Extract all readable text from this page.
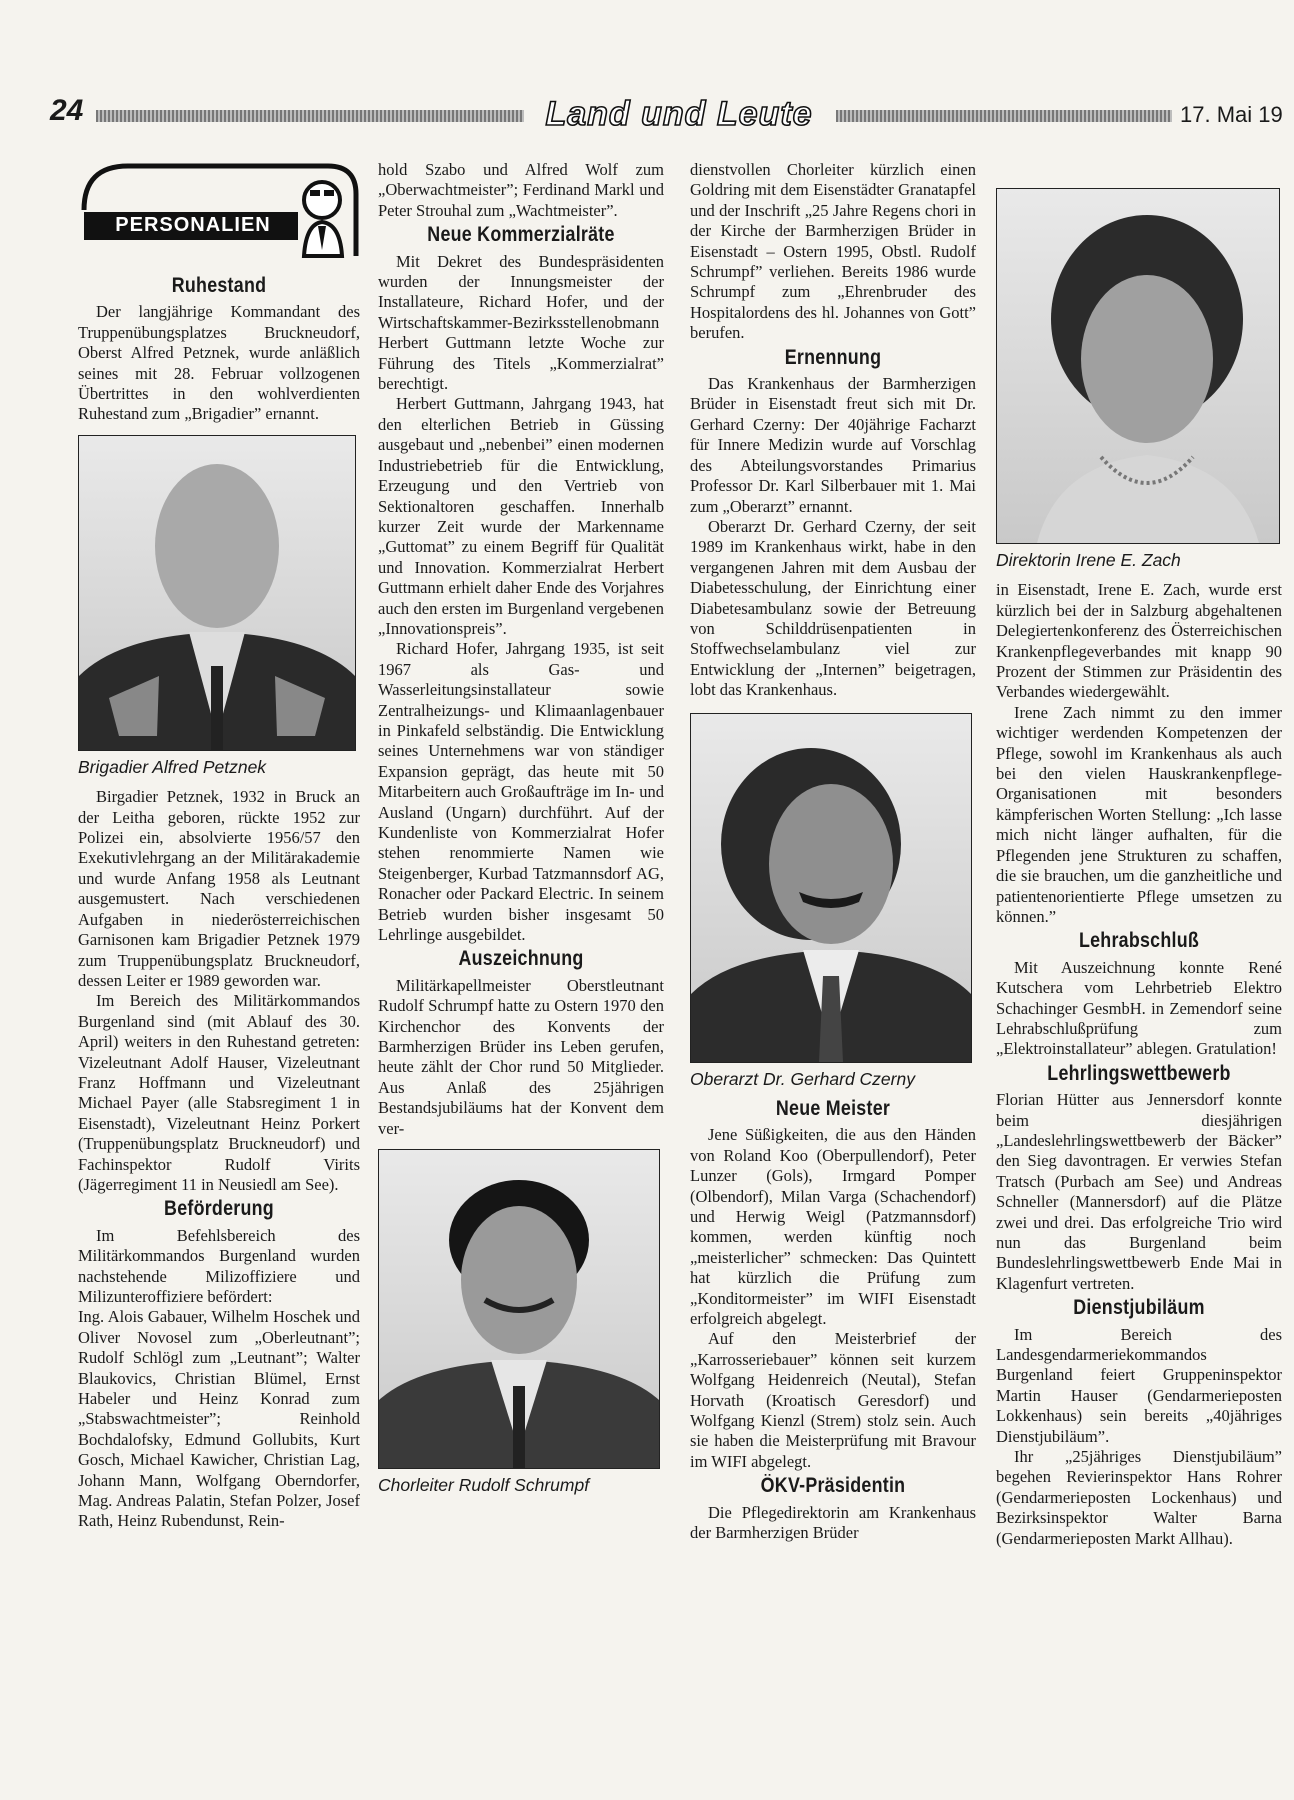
24	Land und Leute	17. Mai 19
PERSONALIEN
Ruhestand

Der langjährige Kommandant des Truppenübungsplatzes Bruckneudorf, Oberst Alfred Petznek, wurde anläßlich seines mit 28. Februar vollzogenen Übertrittes in den wohlverdienten Ruhestand zum „Brigadier” ernannt.

Brigadier Alfred Petznek

Birgadier Petznek, 1932 in Bruck an der Leitha geboren, rückte 1952 zur Polizei ein, absolvierte 1956/57 den Exekutivlehrgang an der Militärakademie und wurde Anfang 1958 als Leutnant ausgemustert. Nach verschiedenen Aufgaben in niederösterreichischen Garnisonen kam Brigadier Petznek 1979 zum Truppenübungsplatz Bruckneudorf, dessen Leiter er 1989 geworden war.

Im Bereich des Militärkommandos Burgenland sind (mit Ablauf des 30. April) weiters in den Ruhestand getreten: Vizeleutnant Adolf Hauser, Vizeleutnant Franz Hoffmann und Vizeleutnant Michael Payer (alle Stabsregiment 1 in Eisenstadt), Vizeleutnant Heinz Porkert (Truppenübungsplatz Bruckneudorf) und Fachinspektor Rudolf Virits (Jägerregiment 11 in Neusiedl am See).

Beförderung

Im Befehlsbereich des Militärkommandos Burgenland wurden nachstehende Milizoffiziere und Milizunteroffiziere befördert:

Ing. Alois Gabauer, Wilhelm Hoschek und Oliver Novosel zum „Oberleutnant”; Rudolf Schlögl zum „Leutnant”; Walter Blaukovics, Christian Blümel, Ernst Habeler und Heinz Konrad zum „Stabswachtmeister”; Reinhold Bochdalofsky, Edmund Gollubits, Kurt Gosch, Michael Kawicher, Christian Lag, Johann Mann, Wolfgang Oberndorfer, Mag. Andreas Palatin, Stefan Polzer, Josef Rath, Heinz Rubendunst, Rein-

hold Szabo und Alfred Wolf zum „Oberwachtmeister”; Ferdinand Markl und Peter Strouhal zum „Wachtmeister”.

Neue Kommerzialräte

Mit Dekret des Bundespräsidenten wurden der Innungsmeister der Installateure, Richard Hofer, und der Wirtschaftskammer-Bezirksstellenobmann Herbert Guttmann letzte Woche zur Führung des Titels „Kommerzialrat” berechtigt.

Herbert Guttmann, Jahrgang 1943, hat den elterlichen Betrieb in Güssing ausgebaut und „nebenbei” einen modernen Industriebetrieb für die Entwicklung, Erzeugung und den Vertrieb von Sektionaltoren geschaffen. Innerhalb kurzer Zeit wurde der Markenname „Guttomat” zu einem Begriff für Qualität und Innovation. Kommerzialrat Herbert Guttmann erhielt daher Ende des Vorjahres auch den ersten im Burgenland vergebenen „Innovationspreis”.

Richard Hofer, Jahrgang 1935, ist seit 1967 als Gas- und Wasserleitungsinstallateur sowie Zentralheizungs- und Klimaanlagenbauer in Pinkafeld selbständig. Die Entwicklung seines Unternehmens war von ständiger Expansion geprägt, das heute mit 50 Mitarbeitern auch Großaufträge im In- und Ausland (Ungarn) durchführt. Auf der Kundenliste von Kommerzialrat Hofer stehen renommierte Namen wie Steigenberger, Kurbad Tatzmannsdorf AG, Ronacher oder Packard Electric. In seinem Betrieb wurden bisher insgesamt 50 Lehrlinge ausgebildet.

Auszeichnung

Militärkapellmeister Oberstleutnant Rudolf Schrumpf hatte zu Ostern 1970 den Kirchenchor des Konvents der Barmherzigen Brüder ins Leben gerufen, heute zählt der Chor rund 50 Mitglieder. Aus Anlaß des 25jährigen Bestandsjubiläums hat der Konvent dem ver-

Chorleiter Rudolf Schrumpf

dienstvollen Chorleiter kürzlich einen Goldring mit dem Eisenstädter Granatapfel und der Inschrift „25 Jahre Regens chori in der Kirche der Barmherzigen Brüder in Eisenstadt – Ostern 1995, Obstl. Rudolf Schrumpf” verliehen. Bereits 1986 wurde Schrumpf zum „Ehrenbruder des Hospitalordens des hl. Johannes von Gott” berufen.

Ernennung

Das Krankenhaus der Barmherzigen Brüder in Eisenstadt freut sich mit Dr. Gerhard Czerny: Der 40jährige Facharzt für Innere Medizin wurde auf Vorschlag des Abteilungsvorstandes Primarius Professor Dr. Karl Silberbauer mit 1. Mai zum „Oberarzt” ernannt.

Oberarzt Dr. Gerhard Czerny, der seit 1989 im Krankenhaus wirkt, habe in den vergangenen Jahren mit dem Ausbau der Diabetesschulung, der Einrichtung einer Diabetesambulanz sowie der Betreuung von Schilddrüsenpatienten in Stoffwechselambulanz viel zur Entwicklung der „Internen” beigetragen, lobt das Krankenhaus.

Oberarzt Dr. Gerhard Czerny
Neue Meister

Jene Süßigkeiten, die aus den Händen von Roland Koo (Oberpullendorf), Peter Lunzer (Gols), Irmgard Pomper (Olbendorf), Milan Varga (Schachendorf) und Herwig Weigl (Patzmannsdorf) kommen, werden künftig noch „meisterlicher” schmecken: Das Quintett hat kürzlich die Prüfung zum „Konditormeister” im WIFI Eisenstadt erfolgreich abgelegt.

Auf den Meisterbrief der „Karrosseriebauer” können seit kurzem Wolfgang Heidenreich (Neutal), Stefan Horvath (Kroatisch Geresdorf) und Wolfgang Kienzl (Strem) stolz sein. Auch sie haben die Meisterprüfung mit Bravour im WIFI abgelegt.

ÖKV-Präsidentin

Die Pflegedirektorin am Krankenhaus der Barmherzigen Brüder

Direktorin Irene E. Zach

in Eisenstadt, Irene E. Zach, wurde erst kürzlich bei der in Salzburg abgehaltenen Delegiertenkonferenz des Österreichischen Krankenpflegeverbandes mit knapp 90 Prozent der Stimmen zur Präsidentin des Verbandes wiedergewählt.

Irene Zach nimmt zu den immer wichtiger werdenden Kompetenzen der Pflege, sowohl im Krankenhaus als auch bei den vielen Hauskrankenpflege-Organisationen mit besonders kämpferischen Worten Stellung: „Ich lasse mich nicht länger aufhalten, für die Pflegenden jene Strukturen zu schaffen, die sie brauchen, um die ganzheitliche und patientenorientierte Pflege umsetzen zu können.”

Lehrabschluß

Mit Auszeichnung konnte René Kutschera vom Lehrbetrieb Elektro Schachinger GesmbH. in Zemendorf seine Lehrabschlußprüfung zum „Elektroinstallateur” ablegen. Gratulation!

Lehrlingswettbewerb

Florian Hütter aus Jennersdorf konnte beim diesjährigen „Landeslehrlingswettbewerb der Bäcker” den Sieg davontragen. Er verwies Stefan Tratsch (Purbach am See) und Andreas Schneller (Mannersdorf) auf die Plätze zwei und drei. Das erfolgreiche Trio wird nun das Burgenland beim Bundeslehrlingswettbewerb Ende Mai in Klagenfurt vertreten.

Dienstjubiläum

Im Bereich des Landesgendarmeriekommandos Burgenland feiert Gruppeninspektor Martin Hauser (Gendarmerieposten Lokkenhaus) sein bereits „40jähriges Dienstjubiläum”.

Ihr „25jähriges Dienstjubiläum” begehen Revierinspektor Hans Rohrer (Gendarmerieposten Lockenhaus) und Bezirksinspektor Walter Barna (Gendarmerieposten Markt Allhau).
